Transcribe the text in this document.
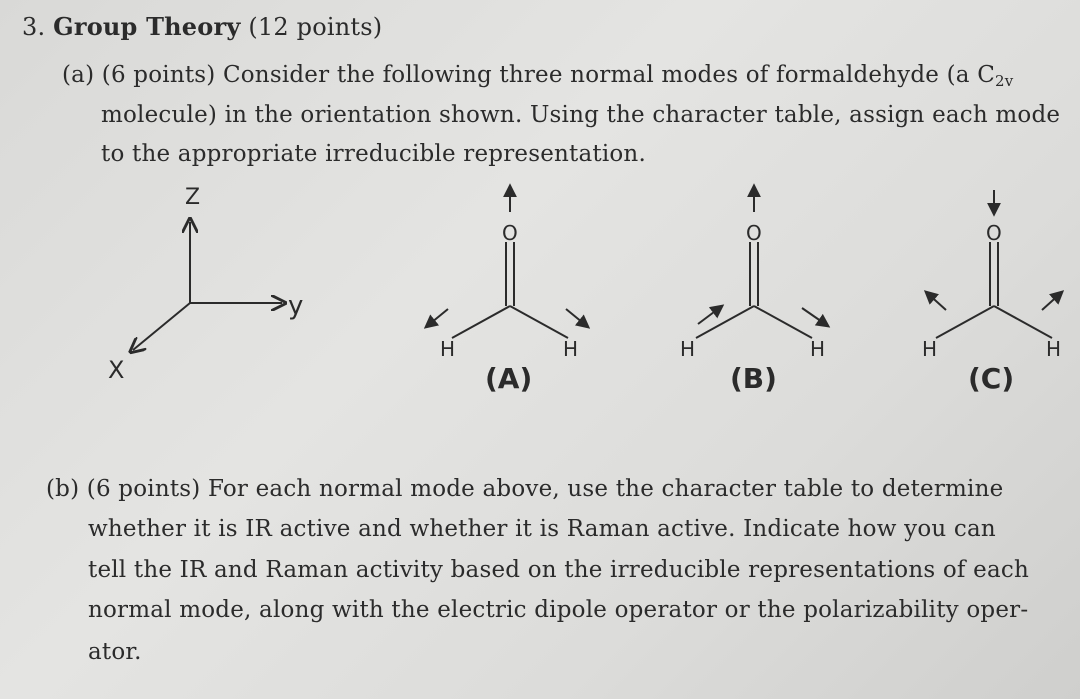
3. Group Theory (12 points)
(a) (6 points) Consider the following three normal modes of formaldehyde (a $C_{2v}$
molecule) in the orientation shown. Using the character table, assign each mode
to the appropriate irreducible representation.
Z
y
X
O
H	H
(A)
O
H	H
(B)
O
H	H
(C)
(b) (6 points) For each normal mode above, use the character table to determine
whether it is IR active and whether it is Raman active. Indicate how you can
tell the IR and Raman activity based on the irreducible representations of each
normal mode, along with the electric dipole operator or the polarizability oper-
ator.
